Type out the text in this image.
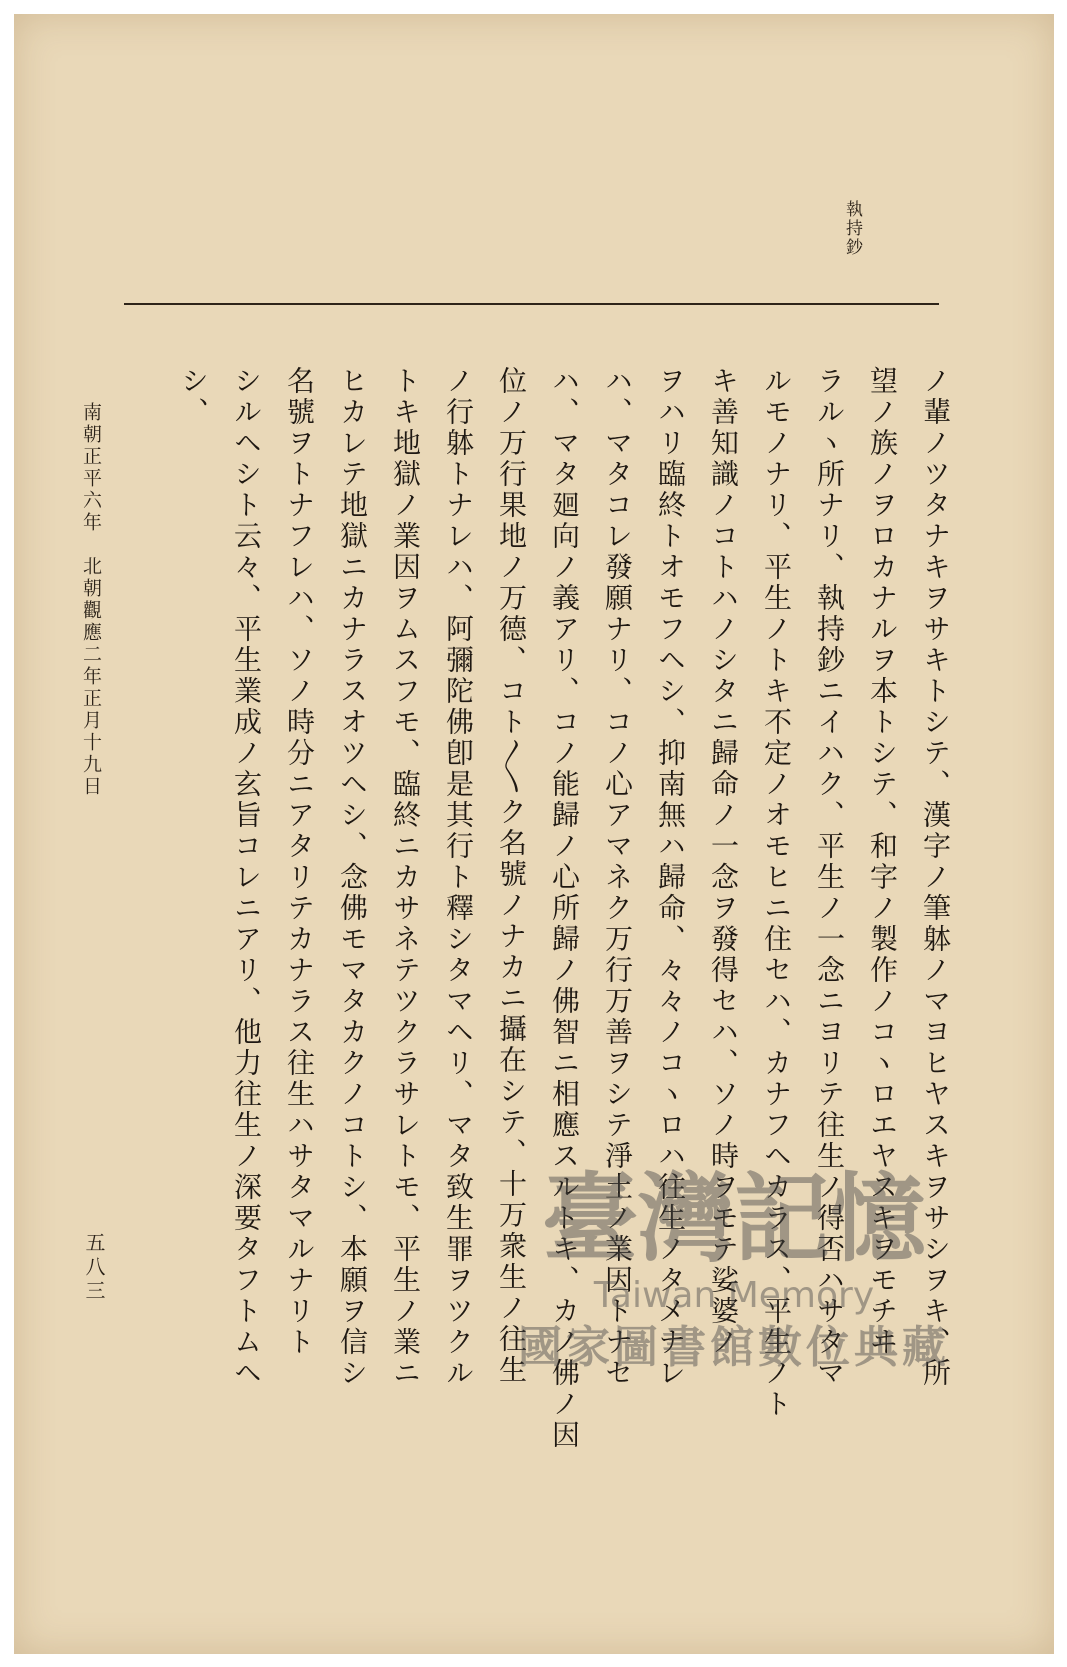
執持鈔
ノ輩ノツタナキヲサキトシテ、漢字ノ筆躰ノマヨヒヤスキヲサシヲキ、所
望ノ族ノヲロカナルヲ本トシテ、和字ノ製作ノコヽロエヤスキヲモチヰ
ラルヽ所ナリ、執持鈔ニイハク、平生ノ一念ニヨリテ往生ノ得否ハサタマ
ルモノナリ、平生ノトキ不定ノオモヒニ住セハ、カナフヘカラス、平生ノト
キ善知識ノコトハノシタニ歸命ノ一念ヲ發得セハ、ソノ時ヲモテ娑婆ノ
ヲハリ臨終トオモフヘシ、抑南無ハ歸命、々々ノコヽロハ往生ノタメナレ
ハ、マタコレ發願ナリ、コノ心アマネク万行万善ヲシテ淨土ノ業因トナセ
ハ、マタ廻向ノ義アリ、コノ能歸ノ心所歸ノ佛智ニ相應スルトキ、カノ佛ノ因
位ノ万行果地ノ万德、コト〳〵ク名號ノナカニ攝在シテ、十万衆生ノ往生
ノ行躰トナレハ、阿彌陀佛卽是其行ト釋シタマヘリ、マタ致生罪ヲツクル
トキ地獄ノ業因ヲムスフモ、臨終ニカサネテツクラサレトモ、平生ノ業ニ
ヒカレテ地獄ニカナラスオツヘシ、念佛モマタカクノコトシ、本願ヲ信シ
名號ヲトナフレハ、ソノ時分ニアタリテカナラス往生ハサタマルナリト
シルヘシト云々、平生業成ノ玄旨コレニアリ、他力往生ノ深要タフトムヘ
シ、
南朝正平六年　北朝觀應二年正月十九日
五八三	臺灣記憶
Taiwan Memory
國家圖書館數位典藏
